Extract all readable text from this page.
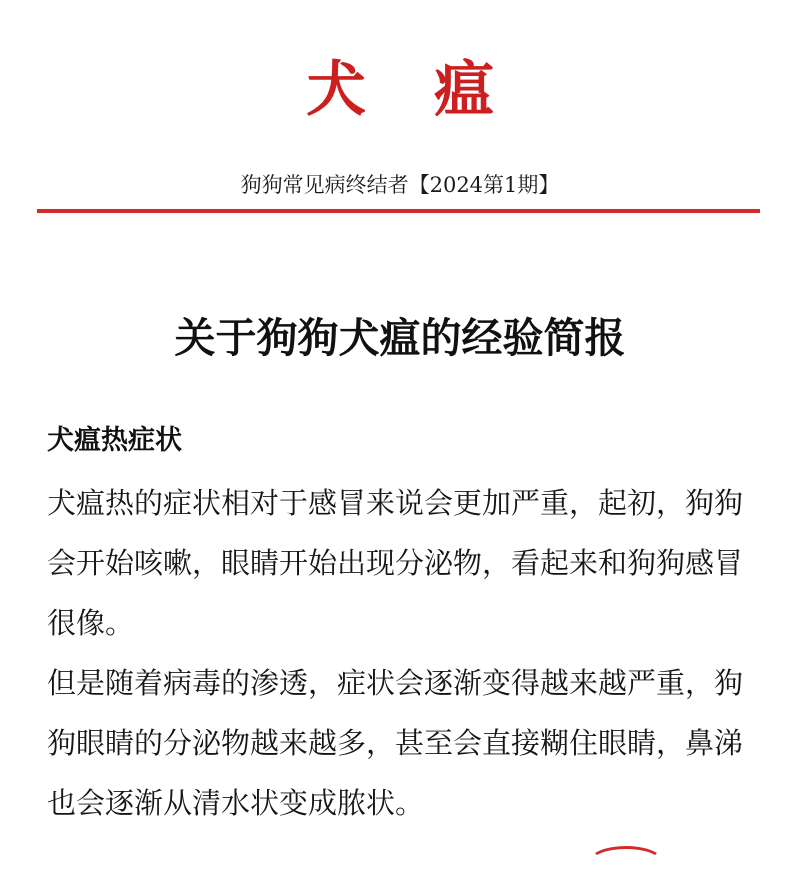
犬 瘟
狗狗常见病终结者【2024第1期】
关于狗狗犬瘟的经验简报
犬瘟热症状

犬瘟热的症状相对于感冒来说会更加严重，起初，狗狗会开始咳嗽，眼睛开始出现分泌物，看起来和狗狗感冒很像。

但是随着病毒的渗透，症状会逐渐变得越来越严重，狗狗眼睛的分泌物越来越多，甚至会直接糊住眼睛，鼻涕也会逐渐从清水状变成脓状。
